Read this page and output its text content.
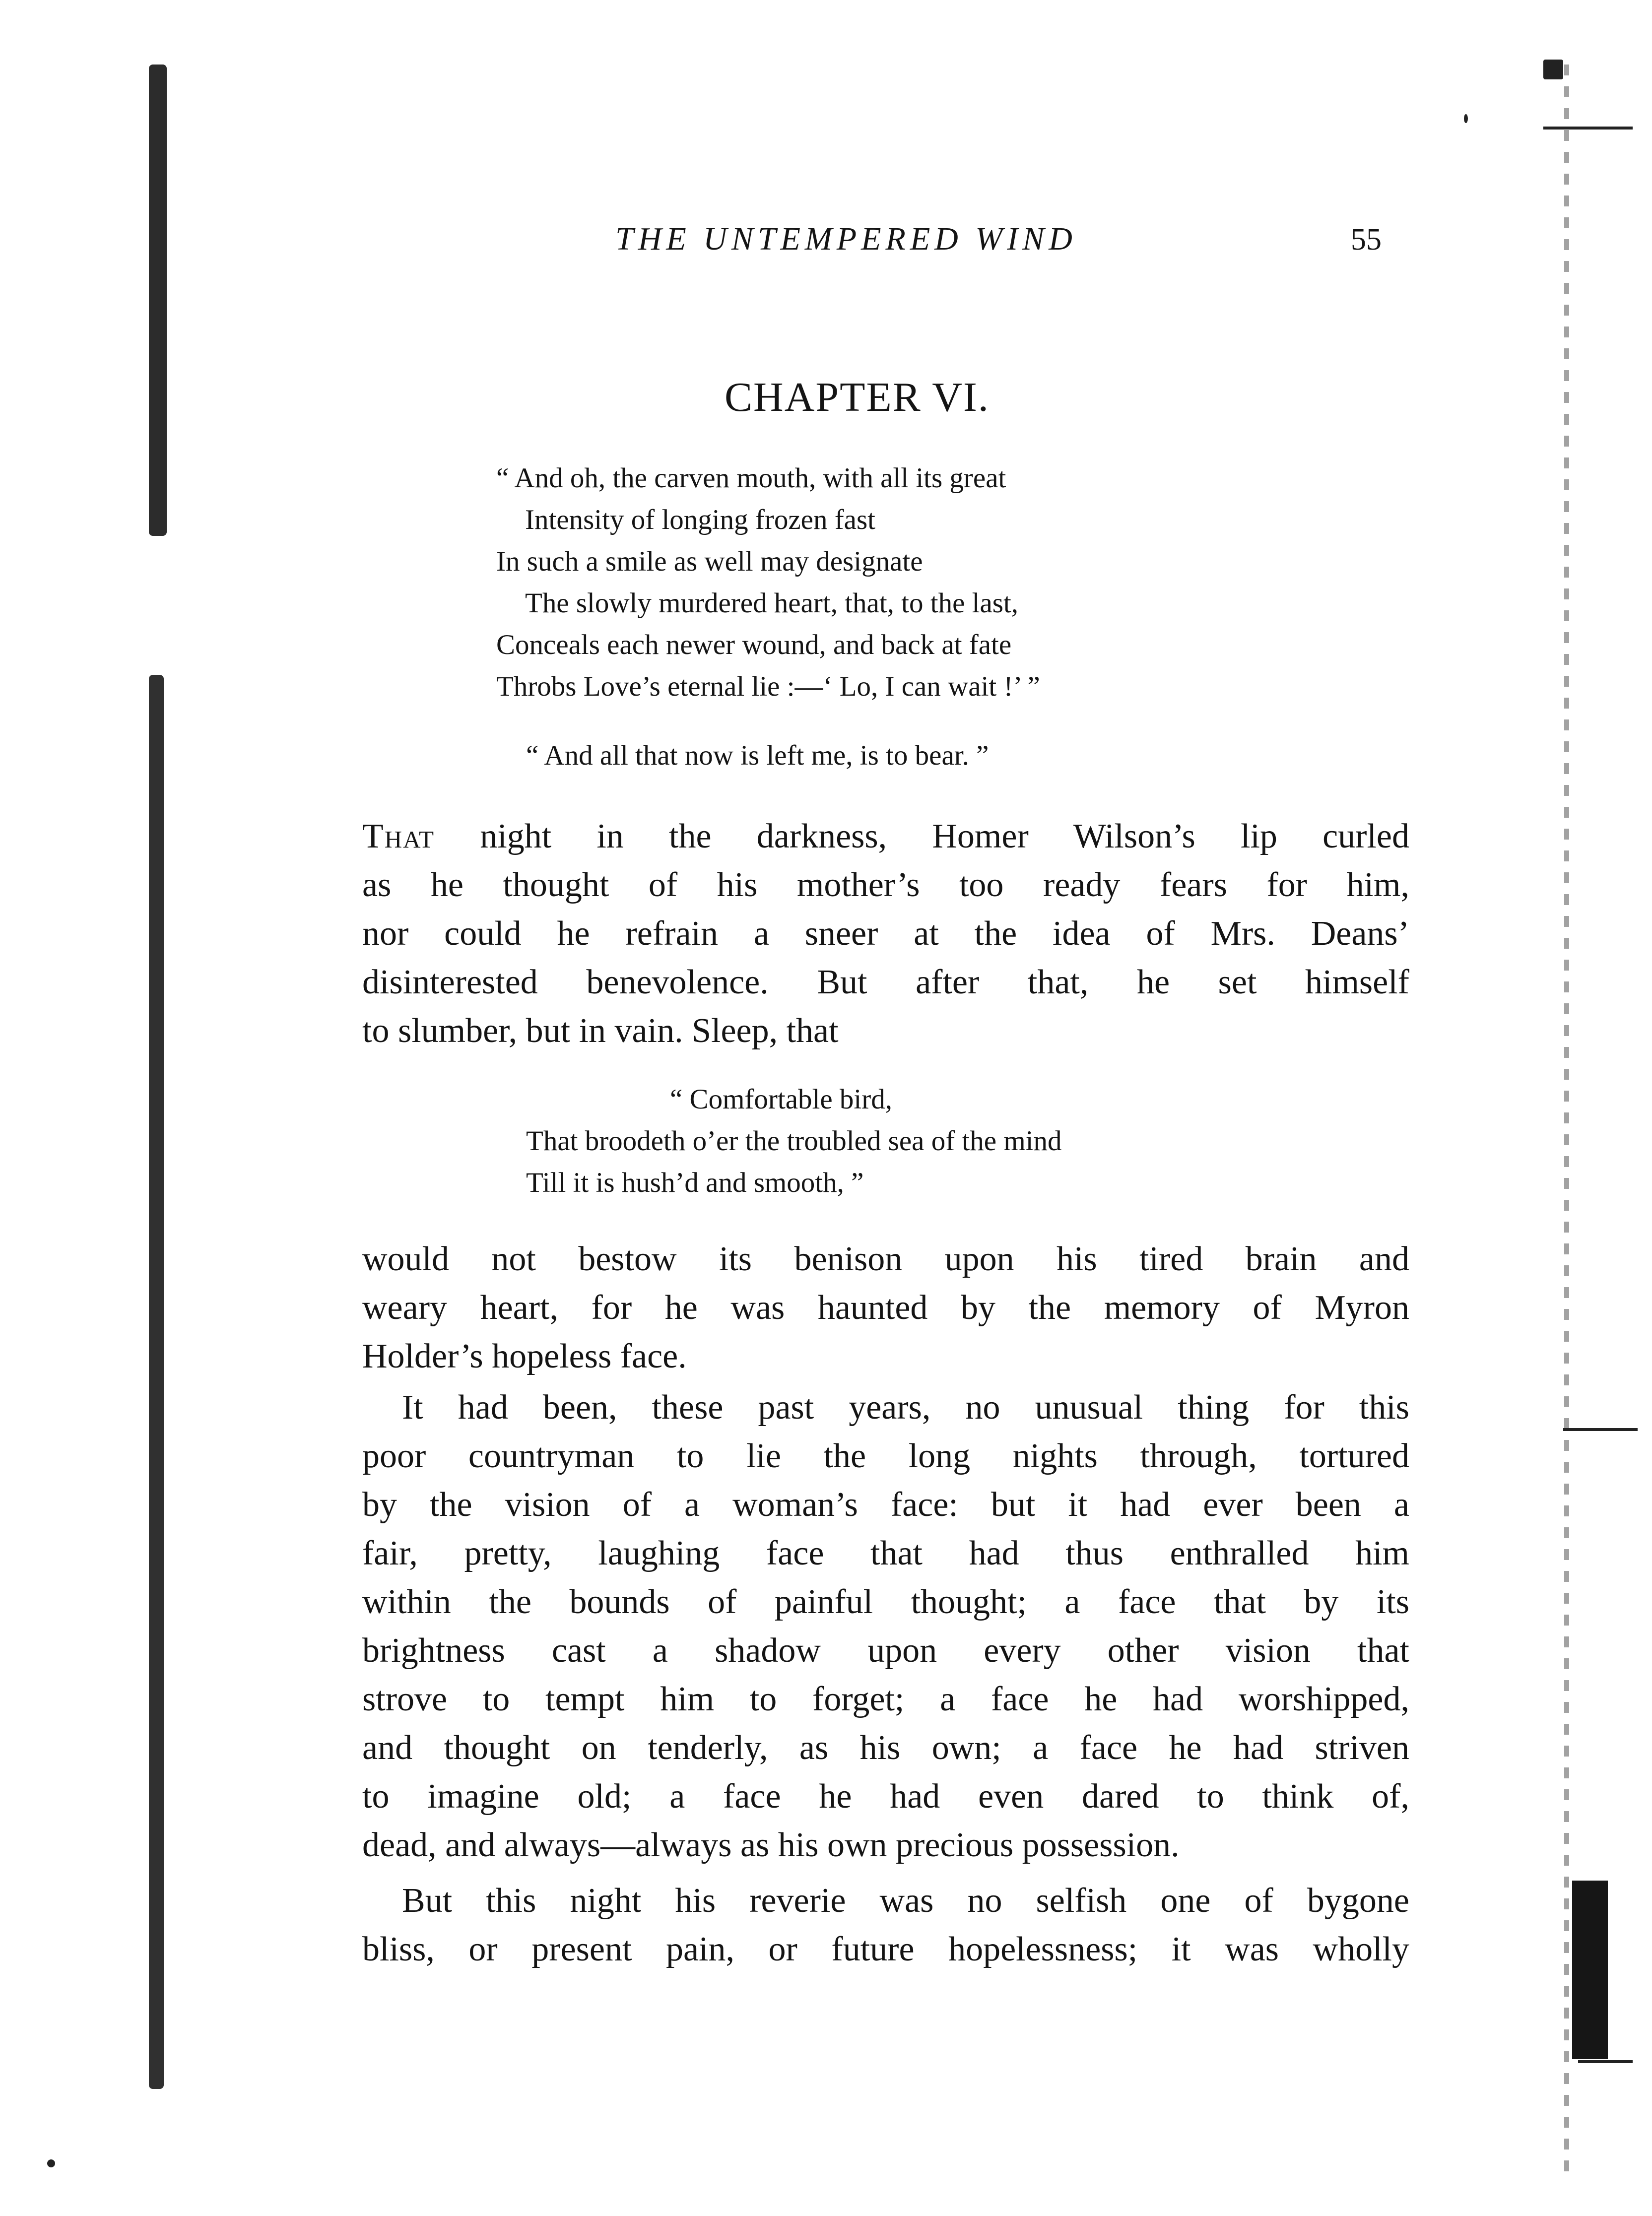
THE UNTEMPERED WIND	55
CHAPTER VI.
“ And oh, the carven mouth, with all its great
Intensity of longing frozen fast
In such a smile as well may designate
The slowly murdered heart, that, to the last,
Conceals each newer wound, and back at fate
Throbs Love’s eternal lie :—‘ Lo, I can wait !’ ”
“ And all that now is left me, is to bear. ”

That night in the darkness, Homer Wilson’s lip curled
as he thought of his mother’s too ready fears for him,
nor could he refrain a sneer at the idea of Mrs. Deans’
disinterested benevolence. But after that, he set himself
to slumber, but in vain. Sleep, that

“ Comfortable bird,
That broodeth o’er the troubled sea of the mind
Till it is hush’d and smooth, ”

would not bestow its benison upon his tired brain and
weary heart, for he was haunted by the memory of Myron
Holder’s hopeless face.

It had been, these past years, no unusual thing for this
poor countryman to lie the long nights through, tortured
by the vision of a woman’s face: but it had ever been a
fair, pretty, laughing face that had thus enthralled him
within the bounds of painful thought; a face that by its
brightness cast a shadow upon every other vision that
strove to tempt him to forget; a face he had worshipped,
and thought on tenderly, as his own; a face he had striven
to imagine old; a face he had even dared to think of,
dead, and always—always as his own precious possession.

But this night his reverie was no selfish one of bygone
bliss, or present pain, or future hopelessness; it was wholly
